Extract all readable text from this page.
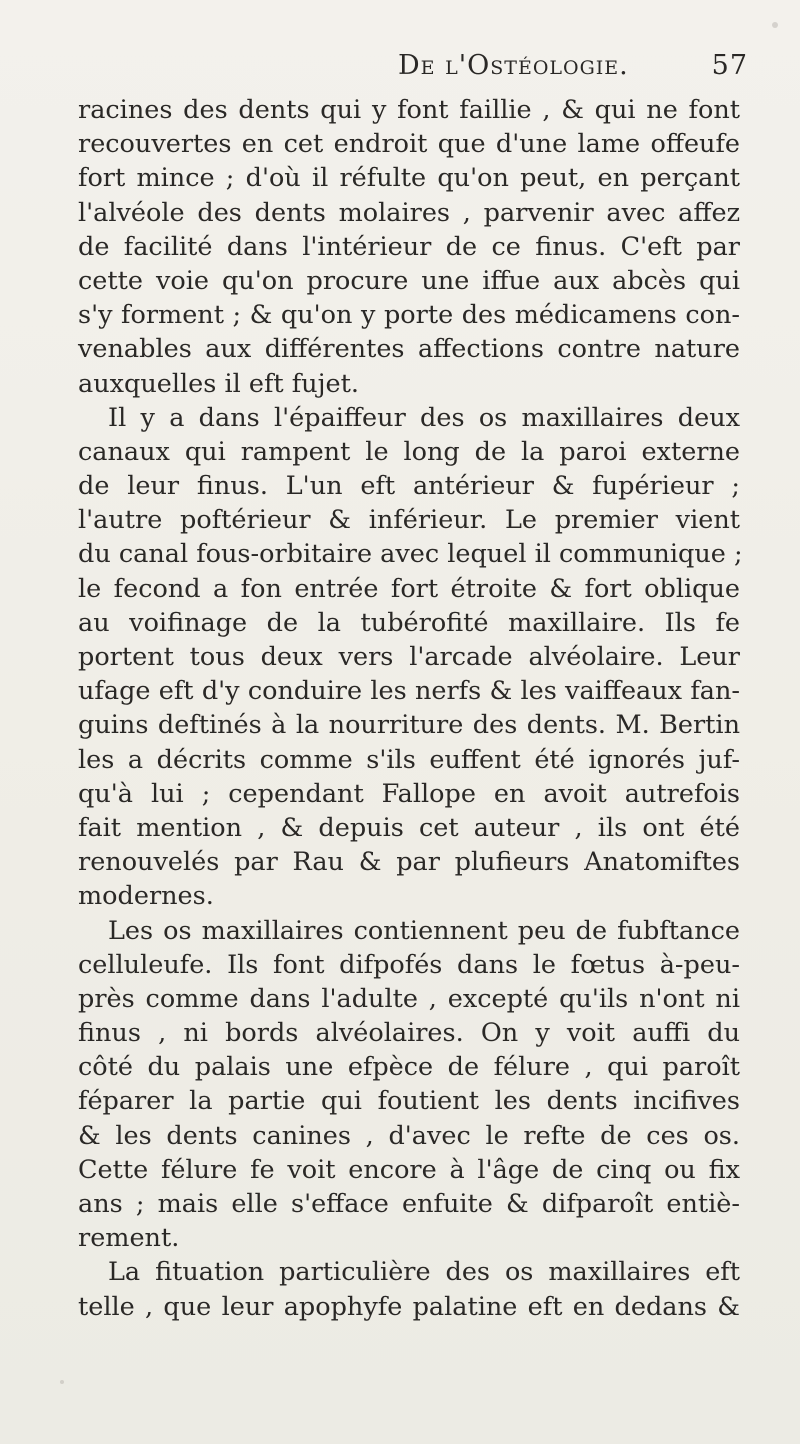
De l'Ostéologie.	57
racines des dents qui y font faillie , & qui ne font
recouvertes en cet endroit que d'une lame offeufe
fort mince ; d'où il réfulte qu'on peut, en perçant
l'alvéole des dents molaires , parvenir avec affez
de facilité dans l'intérieur de ce finus. C'eft par
cette voie qu'on procure une iffue aux abcès qui
s'y forment ; & qu'on y porte des médicamens con-
venables aux différentes affections contre nature
auxquelles il eft fujet.
Il y a dans l'épaiffeur des os maxillaires deux
canaux qui rampent le long de la paroi externe
de leur finus. L'un eft antérieur & fupérieur ;
l'autre poftérieur & inférieur. Le premier vient
du canal fous-orbitaire avec lequel il communique ;
le fecond a fon entrée fort étroite & fort oblique
au voifinage de la tubérofité maxillaire. Ils fe
portent tous deux vers l'arcade alvéolaire. Leur
ufage eft d'y conduire les nerfs & les vaiffeaux fan-
guins deftinés à la nourriture des dents. M. Bertin
les a décrits comme s'ils euffent été ignorés juf-
qu'à lui ; cependant Fallope en avoit autrefois
fait mention , & depuis cet auteur , ils ont été
renouvelés par Rau & par plufieurs Anatomiftes
modernes.
Les os maxillaires contiennent peu de fubftance
celluleufe. Ils font difpofés dans le fœtus à-peu-
près comme dans l'adulte , excepté qu'ils n'ont ni
finus , ni bords alvéolaires. On y voit auffi du
côté du palais une efpèce de félure , qui paroît
féparer la partie qui foutient les dents incifives
& les dents canines , d'avec le refte de ces os.
Cette félure fe voit encore à l'âge de cinq ou fix
ans ; mais elle s'efface enfuite & difparoît entiè-
rement.
La fituation particulière des os maxillaires eft
telle , que leur apophyfe palatine eft en dedans &
